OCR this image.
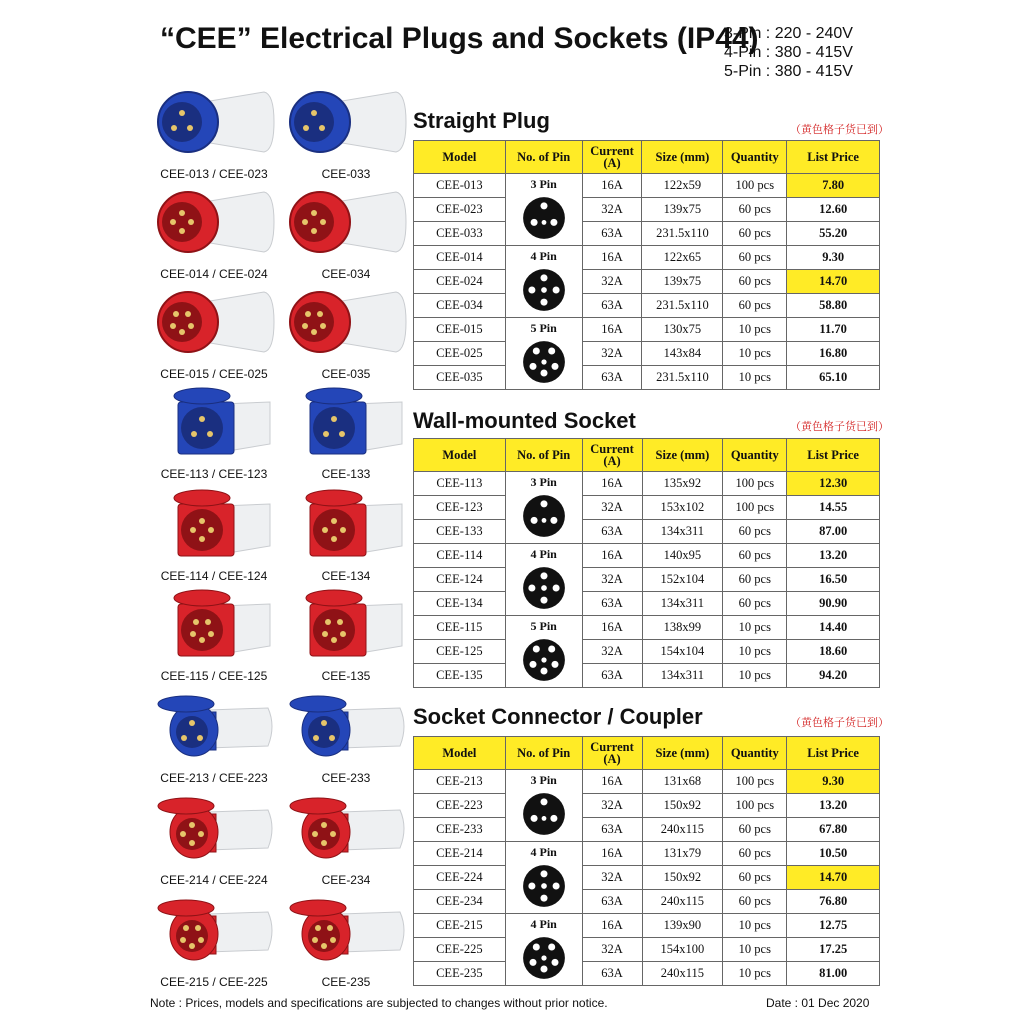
“CEE” Electrical Plugs and Sockets (IP44)
3-Pin : 220 - 240V
4-Pin : 380 - 415V
5-Pin : 380 - 415V
Straight Plug	（黄色格子货已到）
Model	No. of Pin	Current (A)	Size (mm)	Quantity	List Price
CEE-013	3 Pin	16A	122x59	100 pcs	7.80
CEE-023		32A	139x75	60 pcs	12.60
CEE-033		63A	231.5x110	60 pcs	55.20
CEE-014	4 Pin	16A	122x65	60 pcs	9.30
CEE-024		32A	139x75	60 pcs	14.70
CEE-034		63A	231.5x110	60 pcs	58.80
CEE-015	5 Pin	16A	130x75	10 pcs	11.70
CEE-025		32A	143x84	10 pcs	16.80
CEE-035		63A	231.5x110	10 pcs	65.10
Wall-mounted Socket	（黄色格子货已到）
Model	No. of Pin	Current (A)	Size (mm)	Quantity	List Price
CEE-113	3 Pin	16A	135x92	100 pcs	12.30
CEE-123		32A	153x102	100 pcs	14.55
CEE-133		63A	134x311	60 pcs	87.00
CEE-114	4 Pin	16A	140x95	60 pcs	13.20
CEE-124		32A	152x104	60 pcs	16.50
CEE-134		63A	134x311	60 pcs	90.90
CEE-115	5 Pin	16A	138x99	10 pcs	14.40
CEE-125		32A	154x104	10 pcs	18.60
CEE-135		63A	134x311	10 pcs	94.20
Socket Connector / Coupler	（黄色格子货已到）
Model	No. of Pin	Current (A)	Size (mm)	Quantity	List Price
CEE-213	3 Pin	16A	131x68	100 pcs	9.30
CEE-223		32A	150x92	100 pcs	13.20
CEE-233		63A	240x115	60 pcs	67.80
CEE-214	4 Pin	16A	131x79	60 pcs	10.50
CEE-224		32A	150x92	60 pcs	14.70
CEE-234		63A	240x115	60 pcs	76.80
CEE-215	4 Pin	16A	139x90	10 pcs	12.75
CEE-225		32A	154x100	10 pcs	17.25
CEE-235		63A	240x115	10 pcs	81.00
CEE-013 / CEE-023	CEE-033
CEE-014 / CEE-024	CEE-034
CEE-015 / CEE-025	CEE-035
CEE-113 / CEE-123	CEE-133
CEE-114 / CEE-124	CEE-134
CEE-115 / CEE-125	CEE-135
CEE-213 / CEE-223	CEE-233
CEE-214 / CEE-224	CEE-234
CEE-215 / CEE-225	CEE-235
Note : Prices, models and specifications are subjected to changes without prior notice.	Date : 01 Dec 2020
